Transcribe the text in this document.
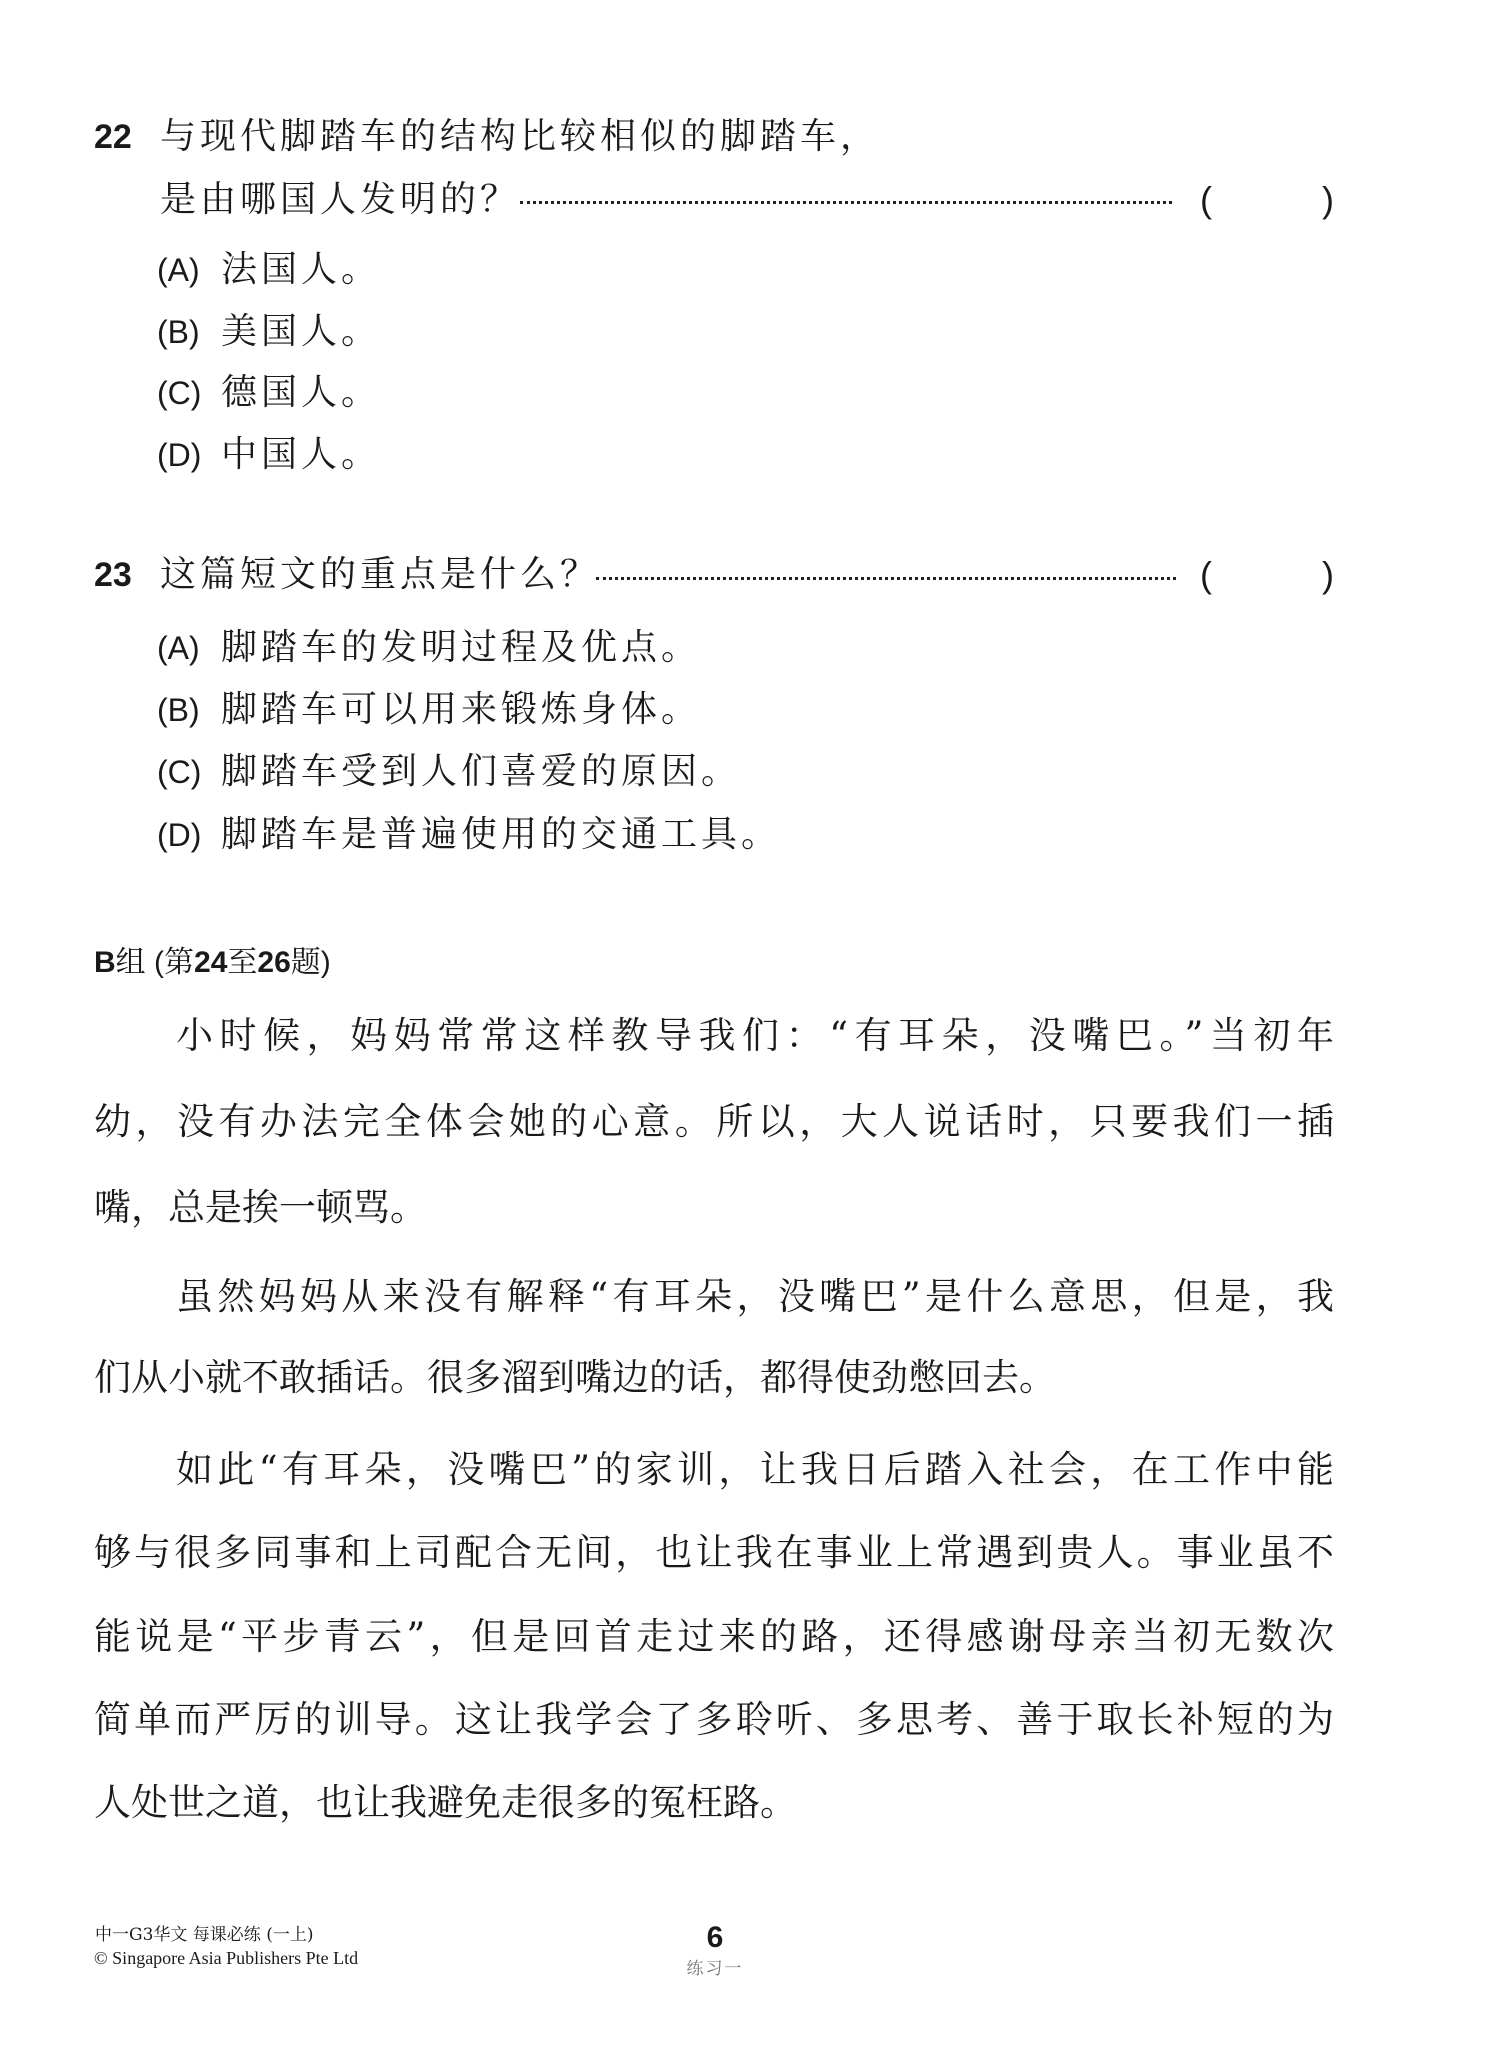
22 与现代脚踏车的结构比较相似的脚踏车，
是由哪国人发明的？	(	)
(A) 法国人。
(B) 美国人。
(C) 德国人。
(D) 中国人。
23 这篇短文的重点是什么？	(	)
(A) 脚踏车的发明过程及优点。
(B) 脚踏车可以用来锻炼身体。
(C) 脚踏车受到人们喜爱的原因。
(D) 脚踏车是普遍使用的交通工具。
B组 (第24至26题)
小时候，妈妈常常这样教导我们：“有耳朵，没嘴巴。”当初年
幼，没有办法完全体会她的心意。所以，大人说话时，只要我们一插
嘴，总是挨一顿骂。
虽然妈妈从来没有解释“有耳朵，没嘴巴”是什么意思，但是，我
们从小就不敢插话。很多溜到嘴边的话，都得使劲憋回去。
如此“有耳朵，没嘴巴”的家训，让我日后踏入社会，在工作中能
够与很多同事和上司配合无间，也让我在事业上常遇到贵人。事业虽不
能说是“平步青云”，但是回首走过来的路，还得感谢母亲当初无数次
简单而严厉的训导。这让我学会了多聆听、多思考、善于取长补短的为
人处世之道，也让我避免走很多的冤枉路。
中一G3华文 每课必练 (一上)
© Singapore Asia Publishers Pte Ltd
6
练习一
